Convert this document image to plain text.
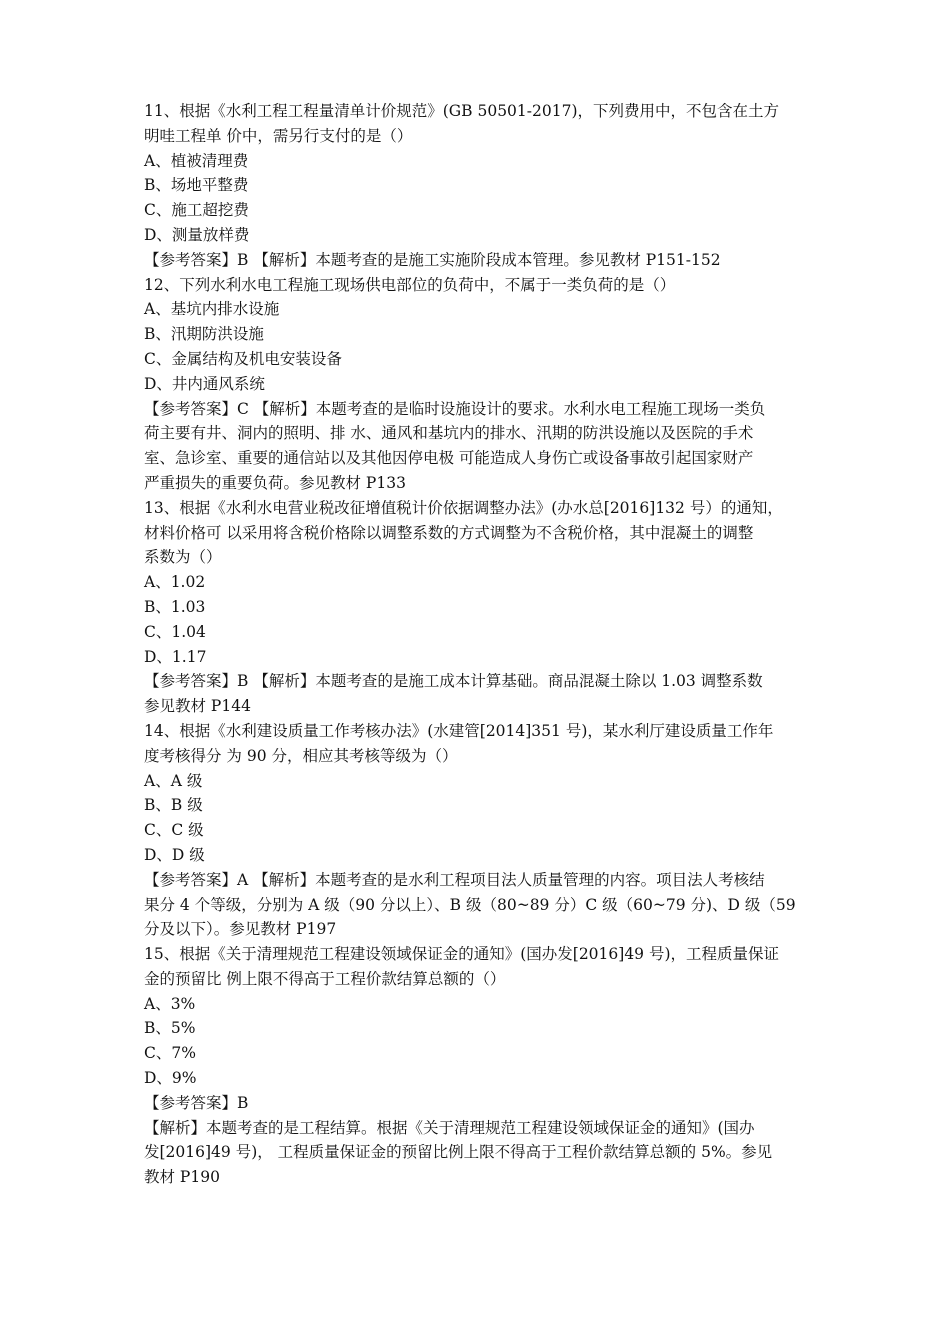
11、根据《水利工程工程量清单计价规范》(GB 50501-2017)，下列费用中，不包含在土方
明哇工程单 价中，需另行支付的是（）
A、植被清理费
B、场地平整费
C、施工超挖费
D、测量放样费
【参考答案】B 【解析】本题考查的是施工实施阶段成本管理。参见教材 P151-152
12、下列水利水电工程施工现场供电部位的负荷中，不属于一类负荷的是（）
A、基坑内排水设施
B、汛期防洪设施
C、金属结构及机电安装设备
D、井内通风系统
【参考答案】C 【解析】本题考查的是临时设施设计的要求。水利水电工程施工现场一类负
荷主要有井、洞内的照明、排 水、通风和基坑内的排水、汛期的防洪设施以及医院的手术
室、急诊室、重要的通信站以及其他因停电极 可能造成人身伤亡或设备事故引起国家财产
严重损失的重要负荷。参见教材 P133
13、根据《水利水电营业税改征增值税计价依据调整办法》(办水总[2016]132 号）的通知，
材料价格可 以采用将含税价格除以调整系数的方式调整为不含税价格，其中混凝土的调整
系数为（）
A、1.02
B、1.03
C、1.04
D、1.17
【参考答案】B 【解析】本题考查的是施工成本计算基础。商品混凝土除以 1.03 调整系数
参见教材 P144
14、根据《水利建设质量工作考核办法》(水建管[2014]351 号)，某水利厅建设质量工作年
度考核得分 为 90 分，相应其考核等级为（）
A、A 级
B、B 级
C、C 级
D、D 级
【参考答案】A 【解析】本题考查的是水利工程项目法人质量管理的内容。项目法人考核结
果分 4 个等级，分别为 A 级（90 分以上）、B 级（80~89 分）C 级（60~79 分)、D 级（59
分及以下）。参见教材 P197
15、根据《关于清理规范工程建设领域保证金的通知》(国办发[2016]49 号)，工程质量保证
金的预留比 例上限不得高于工程价款结算总额的（）
A、3%
B、5%
C、7%
D、9%
【参考答案】B
【解析】本题考查的是工程结算。根据《关于清理规范工程建设领域保证金的通知》(国办
发[2016]49 号)， 工程质量保证金的预留比例上限不得高于工程价款结算总额的 5%。参见
教材 P190
